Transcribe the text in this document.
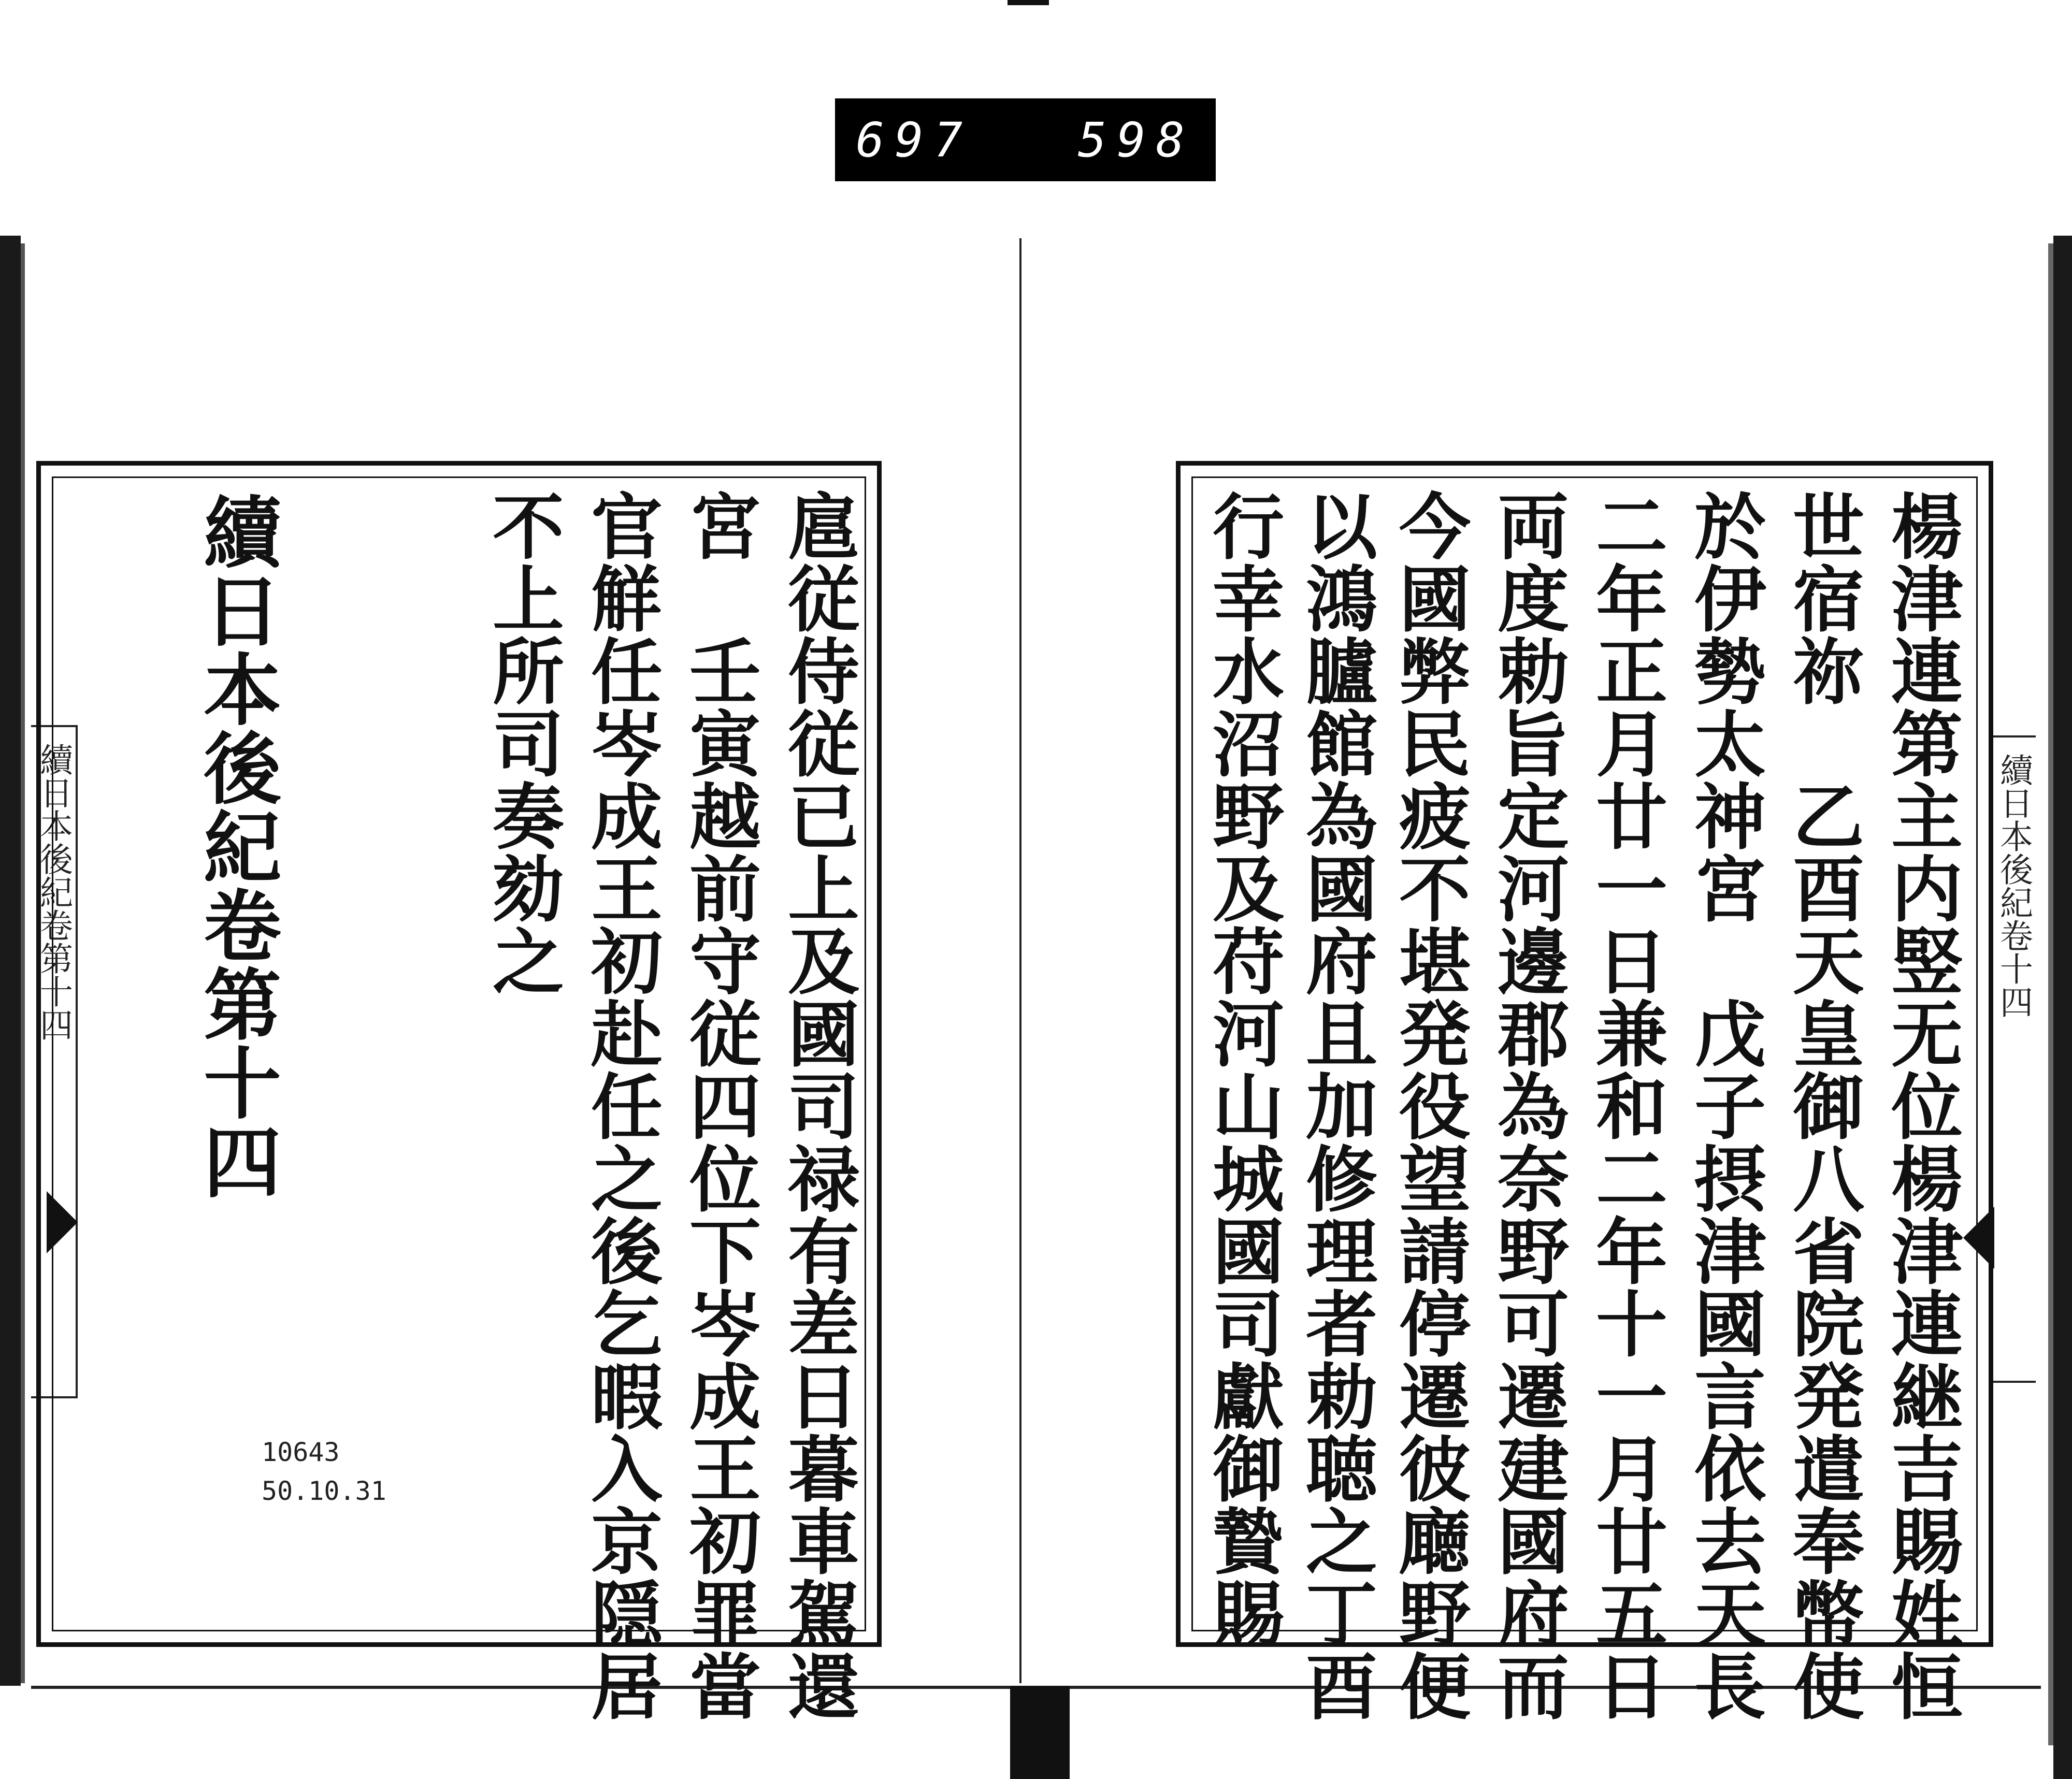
697 598
續日本後紀卷第十四	續日本後紀卷十四
楊津連第主内竪无位楊津連継吉賜姓恒
世宿祢　乙酉天皇御八省院発遣奉幣使
於伊勢太神宮　戊子摂津國言依去天長
二年正月廿一日兼和二年十一月廿五日
両度勅旨定河邊郡為奈野可遷建國府而
今國弊民疲不堪発役望請停遷彼廰野便
以鴻臚館為國府且加修理者勅聴之丁酉
行幸水沼野及苻河山城國司獻御贄賜
扈従侍従已上及國司禄有差日暮車駕還
宮　壬寅越前守従四位下岑成王初罪當
官觧任岑成王初赴任之後乞暇入京隠居
不上所司奏劾之
續日本後紀卷第十四
10643
50.10.31
